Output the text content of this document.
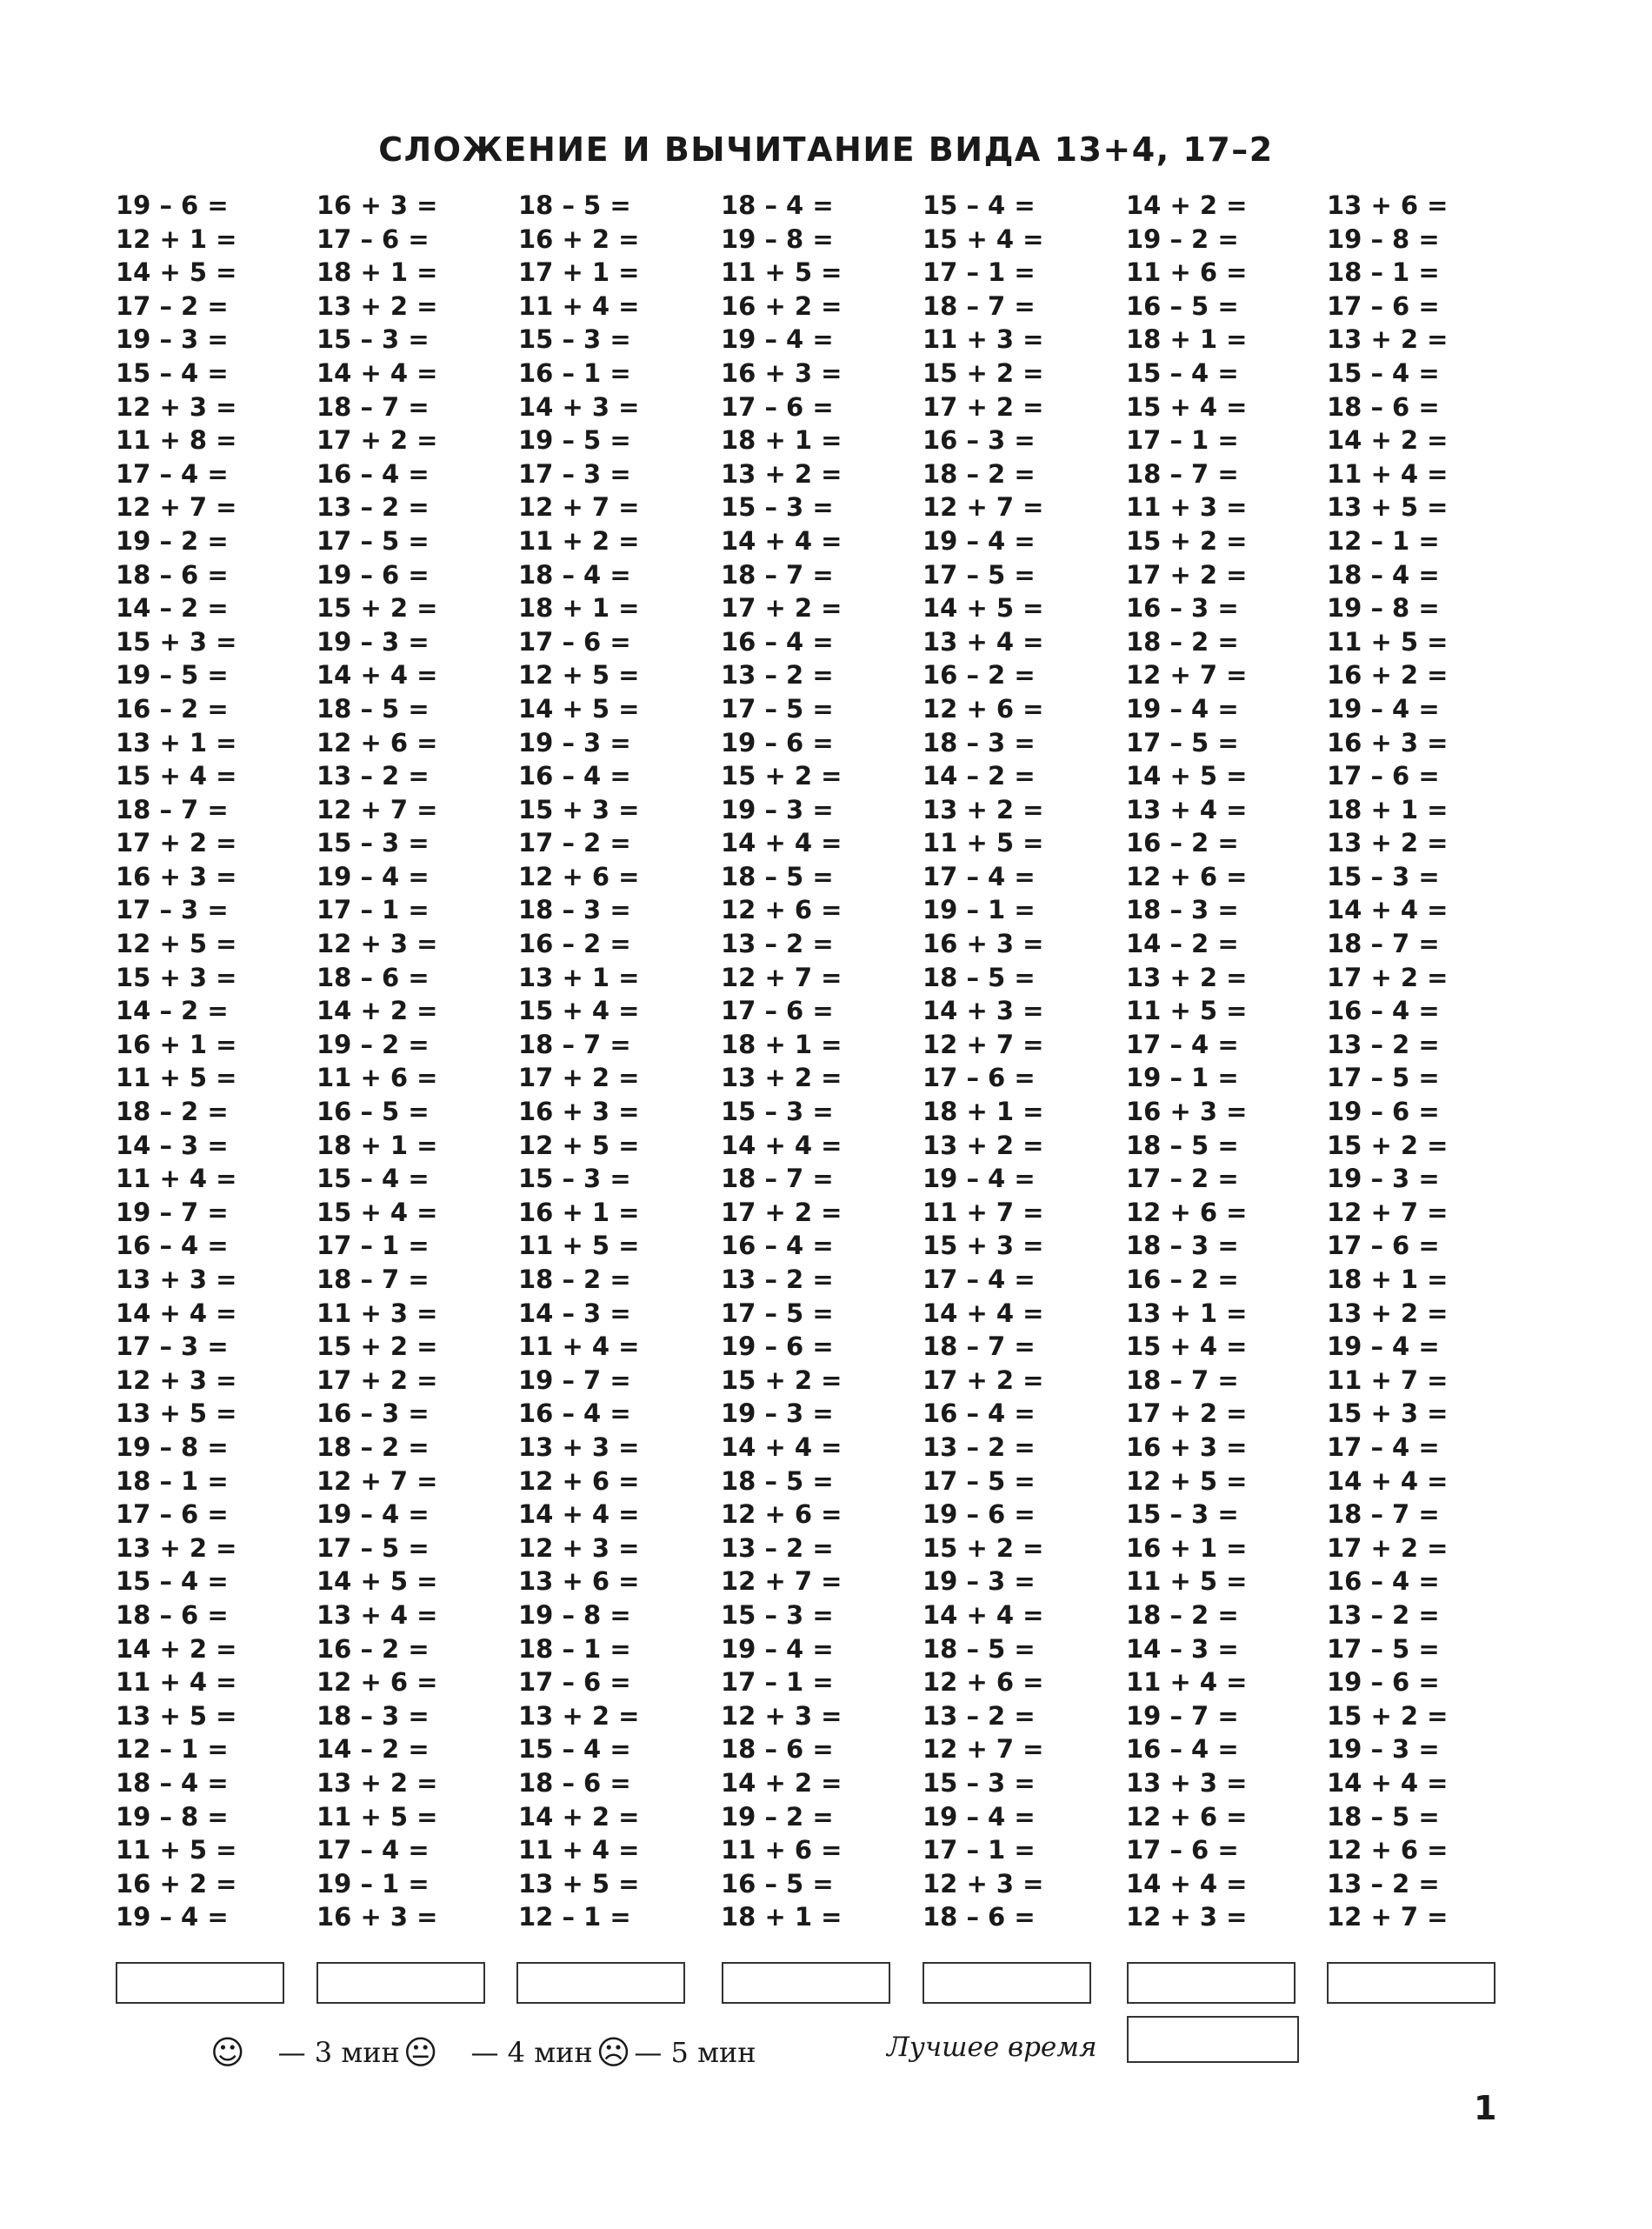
СЛОЖЕНИЕ И ВЫЧИТАНИЕ ВИДА 13+4, 17–2
19 – 6 =
12 + 1 =
14 + 5 =
17 – 2 =
19 – 3 =
15 – 4 =
12 + 3 =
11 + 8 =
17 – 4 =
12 + 7 =
19 – 2 =
18 – 6 =
14 – 2 =
15 + 3 =
19 – 5 =
16 – 2 =
13 + 1 =
15 + 4 =
18 – 7 =
17 + 2 =
16 + 3 =
17 – 3 =
12 + 5 =
15 + 3 =
14 – 2 =
16 + 1 =
11 + 5 =
18 – 2 =
14 – 3 =
11 + 4 =
19 – 7 =
16 – 4 =
13 + 3 =
14 + 4 =
17 – 3 =
12 + 3 =
13 + 5 =
19 – 8 =
18 – 1 =
17 – 6 =
13 + 2 =
15 – 4 =
18 – 6 =
14 + 2 =
11 + 4 =
13 + 5 =
12 – 1 =
18 – 4 =
19 – 8 =
11 + 5 =
16 + 2 =
19 – 4 =
16 + 3 =
17 – 6 =
18 + 1 =
13 + 2 =
15 – 3 =
14 + 4 =
18 – 7 =
17 + 2 =
16 – 4 =
13 – 2 =
17 – 5 =
19 – 6 =
15 + 2 =
19 – 3 =
14 + 4 =
18 – 5 =
12 + 6 =
13 – 2 =
12 + 7 =
15 – 3 =
19 – 4 =
17 – 1 =
12 + 3 =
18 – 6 =
14 + 2 =
19 – 2 =
11 + 6 =
16 – 5 =
18 + 1 =
15 – 4 =
15 + 4 =
17 – 1 =
18 – 7 =
11 + 3 =
15 + 2 =
17 + 2 =
16 – 3 =
18 – 2 =
12 + 7 =
19 – 4 =
17 – 5 =
14 + 5 =
13 + 4 =
16 – 2 =
12 + 6 =
18 – 3 =
14 – 2 =
13 + 2 =
11 + 5 =
17 – 4 =
19 – 1 =
16 + 3 =
18 – 5 =
16 + 2 =
17 + 1 =
11 + 4 =
15 – 3 =
16 – 1 =
14 + 3 =
19 – 5 =
17 – 3 =
12 + 7 =
11 + 2 =
18 – 4 =
18 + 1 =
17 – 6 =
12 + 5 =
14 + 5 =
19 – 3 =
16 – 4 =
15 + 3 =
17 – 2 =
12 + 6 =
18 – 3 =
16 – 2 =
13 + 1 =
15 + 4 =
18 – 7 =
17 + 2 =
16 + 3 =
12 + 5 =
15 – 3 =
16 + 1 =
11 + 5 =
18 – 2 =
14 – 3 =
11 + 4 =
19 – 7 =
16 – 4 =
13 + 3 =
12 + 6 =
14 + 4 =
12 + 3 =
13 + 6 =
19 – 8 =
18 – 1 =
17 – 6 =
13 + 2 =
15 – 4 =
18 – 6 =
14 + 2 =
11 + 4 =
13 + 5 =
12 – 1 =
18 – 4 =
19 – 8 =
11 + 5 =
16 + 2 =
19 – 4 =
16 + 3 =
17 – 6 =
18 + 1 =
13 + 2 =
15 – 3 =
14 + 4 =
18 – 7 =
17 + 2 =
16 – 4 =
13 – 2 =
17 – 5 =
19 – 6 =
15 + 2 =
19 – 3 =
14 + 4 =
18 – 5 =
12 + 6 =
13 – 2 =
12 + 7 =
17 – 6 =
18 + 1 =
13 + 2 =
15 – 3 =
14 + 4 =
18 – 7 =
17 + 2 =
16 – 4 =
13 – 2 =
17 – 5 =
19 – 6 =
15 + 2 =
19 – 3 =
14 + 4 =
18 – 5 =
12 + 6 =
13 – 2 =
12 + 7 =
15 – 3 =
19 – 4 =
17 – 1 =
12 + 3 =
18 – 6 =
14 + 2 =
19 – 2 =
11 + 6 =
16 – 5 =
18 + 1 =
15 – 4 =
15 + 4 =
17 – 1 =
18 – 7 =
11 + 3 =
15 + 2 =
17 + 2 =
16 – 3 =
18 – 2 =
12 + 7 =
19 – 4 =
17 – 5 =
14 + 5 =
13 + 4 =
16 – 2 =
12 + 6 =
18 – 3 =
14 – 2 =
13 + 2 =
11 + 5 =
17 – 4 =
19 – 1 =
16 + 3 =
18 – 5 =
14 + 3 =
12 + 7 =
17 – 6 =
18 + 1 =
13 + 2 =
19 – 4 =
11 + 7 =
15 + 3 =
17 – 4 =
14 + 4 =
18 – 7 =
17 + 2 =
16 – 4 =
13 – 2 =
17 – 5 =
19 – 6 =
15 + 2 =
19 – 3 =
14 + 4 =
18 – 5 =
12 + 6 =
13 – 2 =
12 + 7 =
15 – 3 =
19 – 4 =
17 – 1 =
12 + 3 =
18 – 6 =
14 + 2 =
19 – 2 =
11 + 6 =
16 – 5 =
18 + 1 =
15 – 4 =
15 + 4 =
17 – 1 =
18 – 7 =
11 + 3 =
15 + 2 =
17 + 2 =
16 – 3 =
18 – 2 =
12 + 7 =
19 – 4 =
17 – 5 =
14 + 5 =
13 + 4 =
16 – 2 =
12 + 6 =
18 – 3 =
14 – 2 =
13 + 2 =
11 + 5 =
17 – 4 =
19 – 1 =
16 + 3 =
18 – 5 =
17 – 2 =
12 + 6 =
18 – 3 =
16 – 2 =
13 + 1 =
15 + 4 =
18 – 7 =
17 + 2 =
16 + 3 =
12 + 5 =
15 – 3 =
16 + 1 =
11 + 5 =
18 – 2 =
14 – 3 =
11 + 4 =
19 – 7 =
16 – 4 =
13 + 3 =
12 + 6 =
17 – 6 =
14 + 4 =
12 + 3 =
13 + 6 =
19 – 8 =
18 – 1 =
17 – 6 =
13 + 2 =
15 – 4 =
18 – 6 =
14 + 2 =
11 + 4 =
13 + 5 =
12 – 1 =
18 – 4 =
19 – 8 =
11 + 5 =
16 + 2 =
19 – 4 =
16 + 3 =
17 – 6 =
18 + 1 =
13 + 2 =
15 – 3 =
14 + 4 =
18 – 7 =
17 + 2 =
16 – 4 =
13 – 2 =
17 – 5 =
19 – 6 =
15 + 2 =
19 – 3 =
12 + 7 =
17 – 6 =
18 + 1 =
13 + 2 =
19 – 4 =
11 + 7 =
15 + 3 =
17 – 4 =
14 + 4 =
18 – 7 =
17 + 2 =
16 – 4 =
13 – 2 =
17 – 5 =
19 – 6 =
15 + 2 =
19 – 3 =
14 + 4 =
18 – 5 =
12 + 6 =
13 – 2 =
12 + 7 =
☺ — 3 мин 😐 — 4 мин ☹ — 5 мин	Лучшее время
1
